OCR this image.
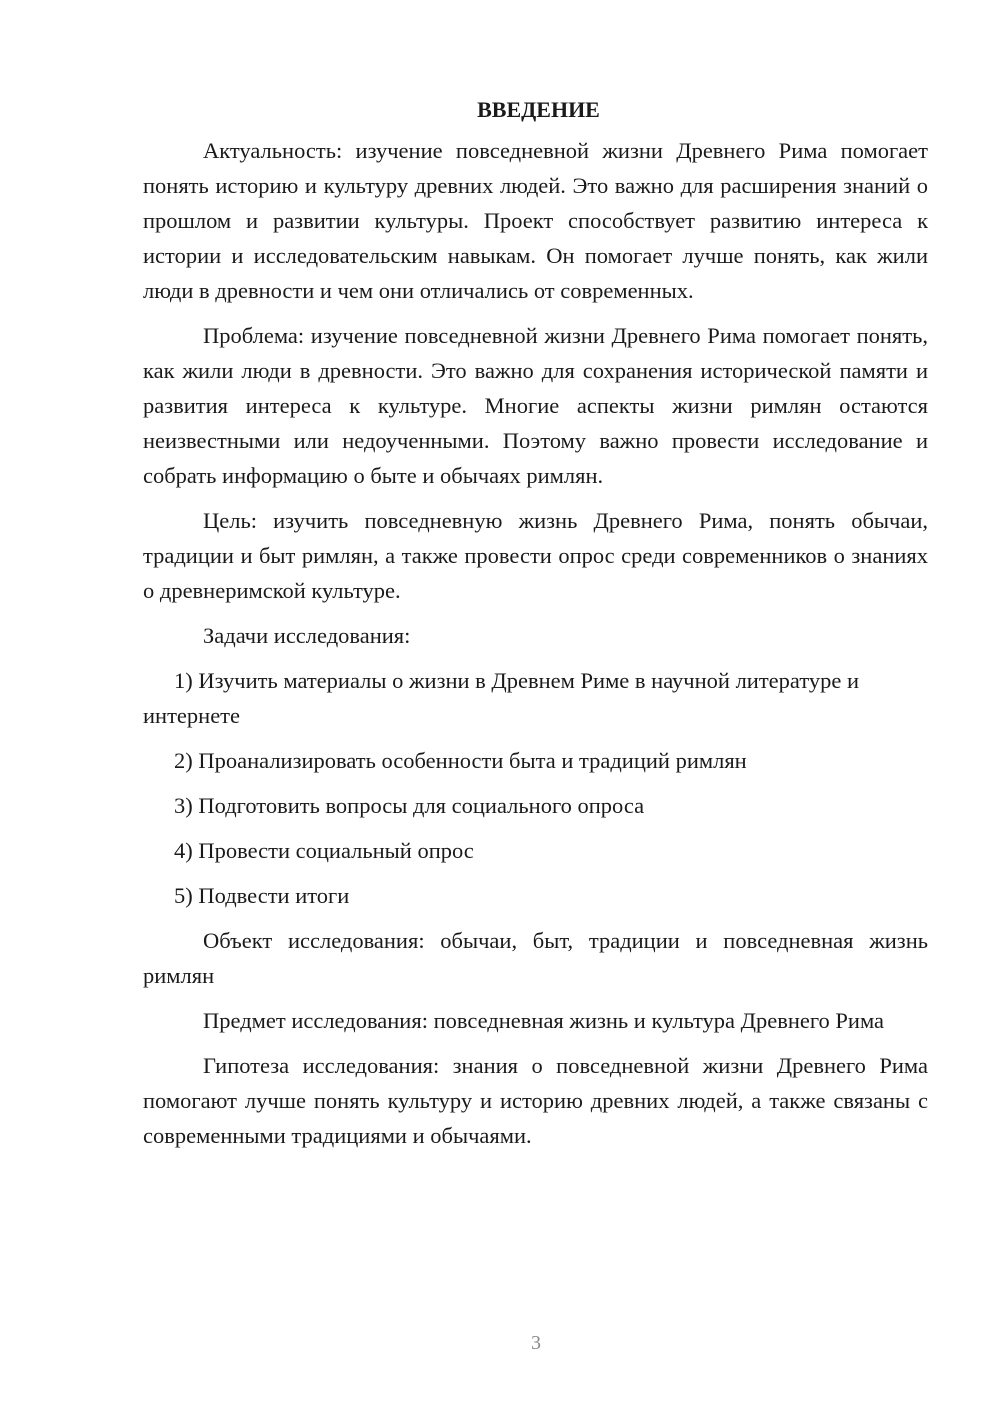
ВВЕДЕНИЕ

Актуальность: изучение повседневной жизни Древнего Рима помогает понять историю и культуру древних людей. Это важно для расширения знаний о прошлом и развитии культуры. Проект способствует развитию интереса к истории и исследовательским навыкам. Он помогает лучше понять, как жили люди в древности и чем они отличались от современных.

Проблема: изучение повседневной жизни Древнего Рима помогает понять, как жили люди в древности. Это важно для сохранения исторической памяти и развития интереса к культуре. Многие аспекты жизни римлян остаются неизвестными или недоученными. Поэтому важно провести исследование и собрать информацию о быте и обычаях римлян.

Цель: изучить повседневную жизнь Древнего Рима, понять обычаи, традиции и быт римлян, а также провести опрос среди современников о знаниях о древнеримской культуре.

Задачи исследования:

1) Изучить материалы о жизни в Древнем Риме в научной литературе и интернете

2) Проанализировать особенности быта и традиций римлян

3) Подготовить вопросы для социального опроса

4) Провести социальный опрос

5) Подвести итоги

Объект исследования: обычаи, быт, традиции и повседневная жизнь римлян

Предмет исследования: повседневная жизнь и культура Древнего Рима

Гипотеза исследования: знания о повседневной жизни Древнего Рима помогают лучше понять культуру и историю древних людей, а также связаны с современными традициями и обычаями.

3
